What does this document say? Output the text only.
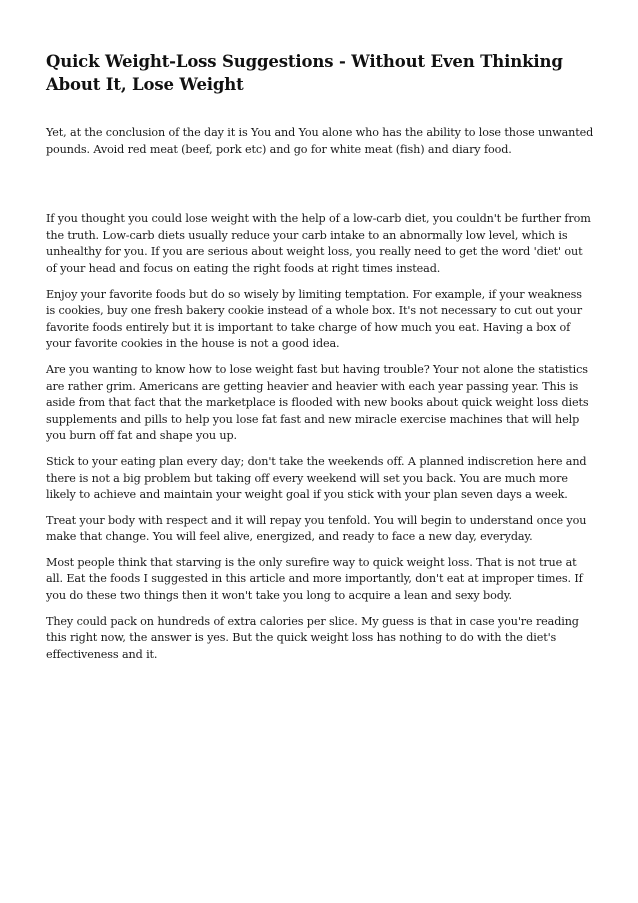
Quick Weight-Loss Suggestions - Without Even Thinking About It, Lose Weight

Yet, at the conclusion of the day it is You and You alone who has the ability to lose those unwanted pounds. Avoid red meat (beef, pork etc) and go for white meat (fish) and diary food.

If you thought you could lose weight with the help of a low-carb diet, you couldn't be further from the truth. Low-carb diets usually reduce your carb intake to an abnormally low level, which is unhealthy for you. If you are serious about weight loss, you really need to get the word 'diet' out of your head and focus on eating the right foods at right times instead.

Enjoy your favorite foods but do so wisely by limiting temptation. For example, if your weakness is cookies, buy one fresh bakery cookie instead of a whole box. It's not necessary to cut out your favorite foods entirely but it is important to take charge of how much you eat. Having a box of your favorite cookies in the house is not a good idea.

Are you wanting to know how to lose weight fast but having trouble? Your not alone the statistics are rather grim. Americans are getting heavier and heavier with each year passing year. This is aside from that fact that the marketplace is flooded with new books about quick weight loss diets supplements and pills to help you lose fat fast and new miracle exercise machines that will help you burn off fat and shape you up.

Stick to your eating plan every day; don't take the weekends off. A planned indiscretion here and there is not a big problem but taking off every weekend will set you back. You are much more likely to achieve and maintain your weight goal if you stick with your plan seven days a week.

Treat your body with respect and it will repay you tenfold. You will begin to understand once you make that change. You will feel alive, energized, and ready to face a new day, everyday.

Most people think that starving is the only surefire way to quick weight loss. That is not true at all. Eat the foods I suggested in this article and more importantly, don't eat at improper times. If you do these two things then it won't take you long to acquire a lean and sexy body.

They could pack on hundreds of extra calories per slice. My guess is that in case you're reading this right now, the answer is yes. But the quick weight loss has nothing to do with the diet's effectiveness and it.
